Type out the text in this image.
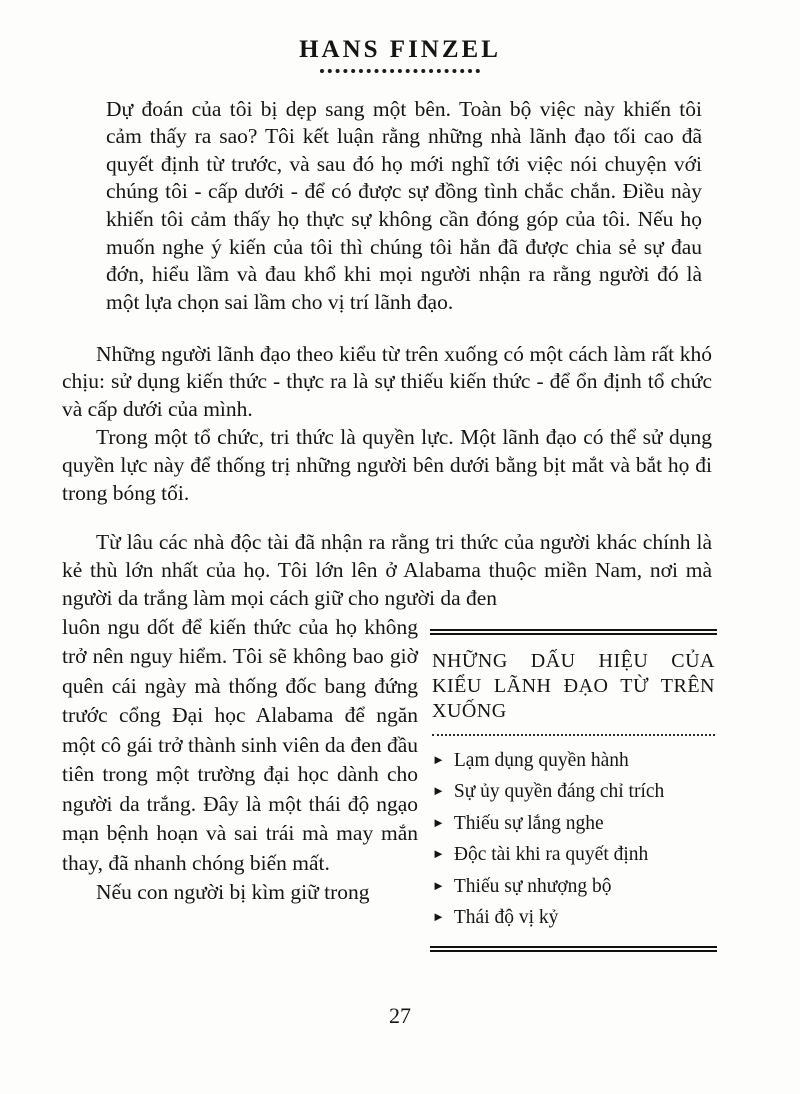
HANS FINZEL

Dự đoán của tôi bị dẹp sang một bên. Toàn bộ việc này khiến tôi cảm thấy ra sao? Tôi kết luận rằng những nhà lãnh đạo tối cao đã quyết định từ trước, và sau đó họ mới nghĩ tới việc nói chuyện với chúng tôi - cấp dưới - để có được sự đồng tình chắc chắn. Điều này khiến tôi cảm thấy họ thực sự không cần đóng góp của tôi. Nếu họ muốn nghe ý kiến của tôi thì chúng tôi hẳn đã được chia sẻ sự đau đớn, hiểu lầm và đau khổ khi mọi người nhận ra rằng người đó là một lựa chọn sai lầm cho vị trí lãnh đạo.

Những người lãnh đạo theo kiểu từ trên xuống có một cách làm rất khó chịu: sử dụng kiến thức - thực ra là sự thiếu kiến thức - để ổn định tổ chức và cấp dưới của mình.

Trong một tổ chức, tri thức là quyền lực. Một lãnh đạo có thể sử dụng quyền lực này để thống trị những người bên dưới bằng bịt mắt và bắt họ đi trong bóng tối.

Từ lâu các nhà độc tài đã nhận ra rằng tri thức của người khác chính là kẻ thù lớn nhất của họ. Tôi lớn lên ở Alabama thuộc miền Nam, nơi mà người da trắng làm mọi cách giữ cho người da đen

luôn ngu dốt để kiến thức của họ không trở nên nguy hiểm. Tôi sẽ không bao giờ quên cái ngày mà thống đốc bang đứng trước cổng Đại học Alabama để ngăn một cô gái trở thành sinh viên da đen đầu tiên trong một trường đại học dành cho người da trắng. Đây là một thái độ ngạo mạn bệnh hoạn và sai trái mà may mắn thay, đã nhanh chóng biến mất.

Nếu con người bị kìm giữ trong

NHỮNG DẤU HIỆU CỦA KIỂU LÃNH ĐẠO TỪ TRÊN XUỐNG

► Lạm dụng quyền hành
► Sự ủy quyền đáng chỉ trích
► Thiếu sự lắng nghe
► Độc tài khi ra quyết định
► Thiếu sự nhượng bộ
► Thái độ vị kỷ
27
